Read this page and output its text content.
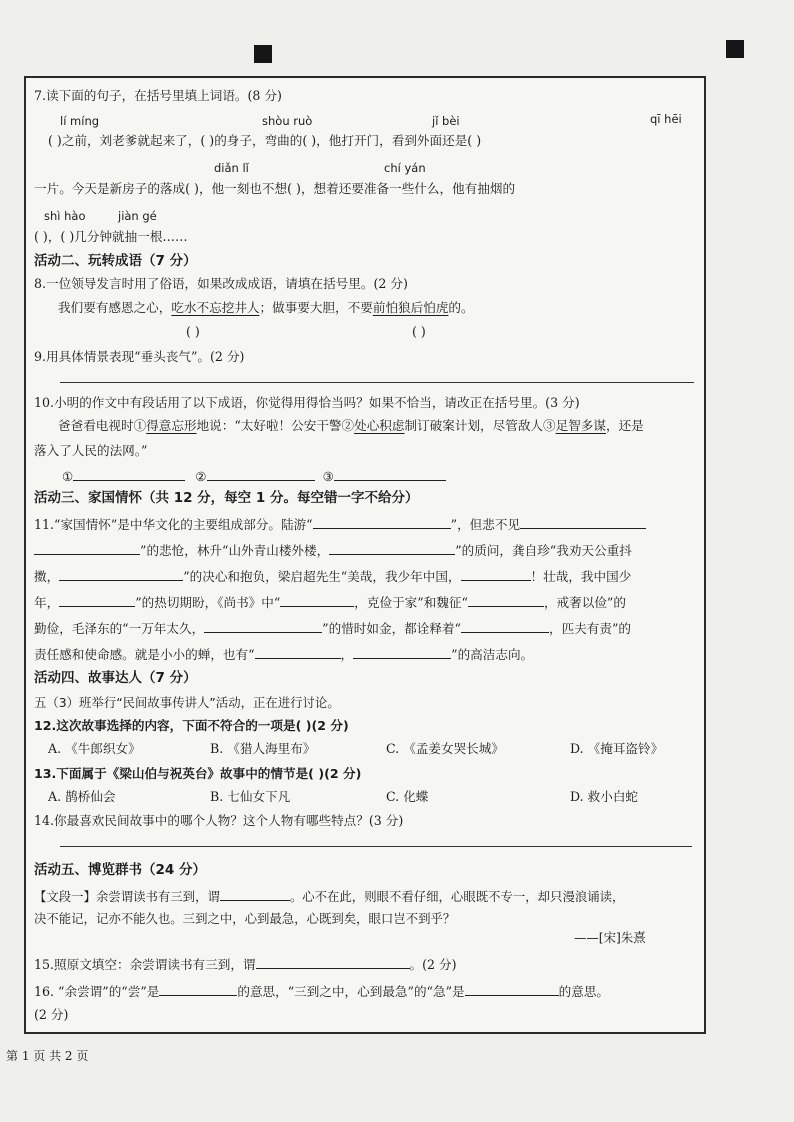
7.读下面的句子，在括号里填上词语。(8 分)
lí míng	shòu ruò	jǐ bèi	qī hēi
( )之前，刘老爹就起来了，( )的身子，弯曲的( )，他打开门，看到外面还是( )
diǎn lǐ	chí yán
一片。今天是新房子的落成( )，他一刻也不想( )，想着还要准备一些什么，他有抽烟的
shì hào	jiàn gé
( )，( )几分钟就抽一根……
活动二、玩转成语（7 分）
8.一位领导发言时用了俗语，如果改成成语，请填在括号里。(2 分)
我们要有感恩之心，吃水不忘挖井人；做事要大胆，不要前怕狼后怕虎的。
( )	( )
9.用具体情景表现“垂头丧气”。(2 分)
10.小明的作文中有段话用了以下成语，你觉得用得恰当吗？如果不恰当，请改正在括号里。(3 分)
爸爸看电视时①得意忘形地说：“太好啦！公安干警②处心积虑制订破案计划，尽管敌人③足智多谋，还是
落入了人民的法网。”
①	②	③
活动三、家国情怀（共 12 分，每空 1 分。每空错一字不给分）
11.“家国情怀”是中华文化的主要组成部分。陆游“	”，但悲不见
”的悲怆，林升“山外青山楼外楼，	”的质问，龚自珍“我劝天公重抖
擞，	”的决心和抱负，梁启超先生“美哉，我少年中国，	！壮哉，我中国少
年，	”的热切期盼，《尚书》中“	，克俭于家”和魏征“	，戒奢以俭”的
勤俭，毛泽东的“一万年太久，	”的惜时如金，都诠释着“	，匹夫有责”的
责任感和使命感。就是小小的蝉，也有“	，	”的高洁志向。
活动四、故事达人（7 分）
五（3）班举行“民间故事传讲人”活动，正在进行讨论。
12.这次故事选择的内容，下面不符合的一项是( )(2 分)
A. 《牛郎织女》	B. 《猎人海里布》	C. 《孟姜女哭长城》	D. 《掩耳盗铃》
13.下面属于《梁山伯与祝英台》故事中的情节是( )(2 分)
A. 鹊桥仙会	B. 七仙女下凡	C. 化蝶	D. 救小白蛇
14.你最喜欢民间故事中的哪个人物？这个人物有哪些特点？(3 分)
活动五、博览群书（24 分）
【文段一】余尝谓读书有三到，谓	。心不在此，则眼不看仔细，心眼既不专一，却只漫浪诵读，
决不能记，记亦不能久也。三到之中，心到最急，心既到矣，眼口岂不到乎？
——[宋]朱熹
15.照原文填空：余尝谓读书有三到，谓	。(2 分)
16. “余尝谓”的“尝”是	的意思，“三到之中，心到最急”的“急”是	的意思。
(2 分)
第 1 页 共 2 页
